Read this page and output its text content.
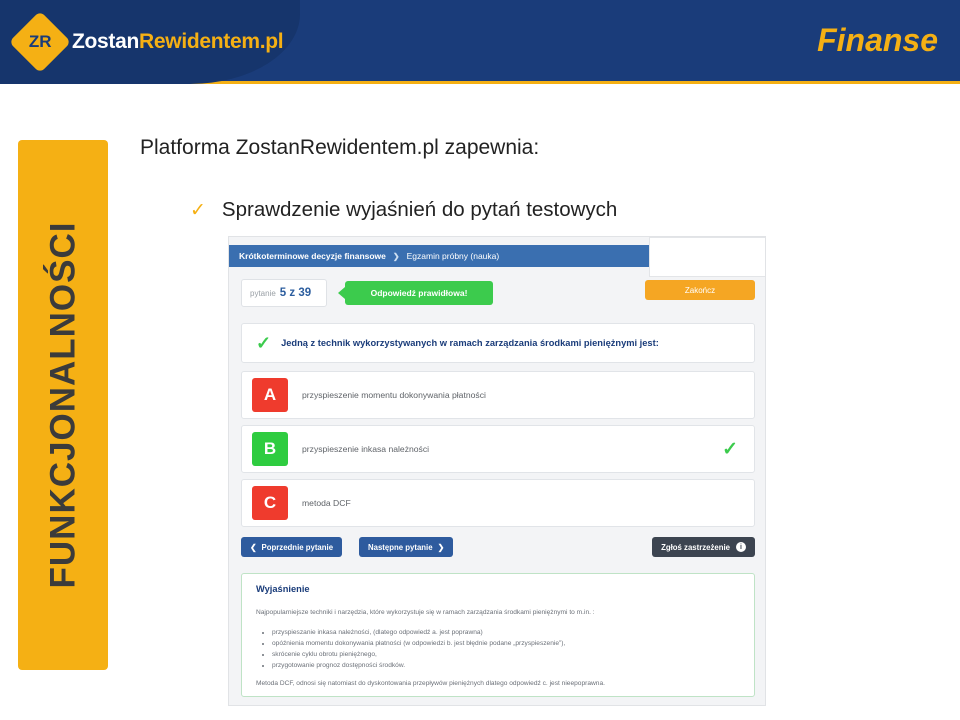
ZR ZostanRewidentem.pl	Finanse
FUNKCJONALNOŚCI
Platforma ZostanRewidentem.pl zapewnia:
✓ Sprawdzenie wyjaśnień do pytań testowych
Krótkoterminowe decyzje finansowe ❯ Egzamin próbny (nauka)
pytanie 5 z 39	Odpowiedź prawidłowa!	Zakończ
✓ Jedną z technik wykorzystywanych w ramach zarządzania środkami pieniężnymi jest:
A	przyspieszenie momentu dokonywania płatności
B	przyspieszenie inkasa należności	✓
C	metoda DCF
❮ Poprzednie pytanie	Następne pytanie ❯	Zgłoś zastrzeżenie	i
Wyjaśnienie
Najpopularniejsze techniki i narzędzia, które wykorzystuje się w ramach zarządzania środkami pieniężnymi to m.in. :
• przyspieszanie inkasa należności, (dlatego odpowiedź a. jest poprawna)
• opóźnienia momentu dokonywania płatności (w odpowiedzi b. jest błędnie podane „przyspieszenie”),
• skrócenie cyklu obrotu pieniężnego,
• przygotowanie prognoz dostępności środków.
Metoda DCF, odnosi się natomiast do dyskontowania przepływów pieniężnych dlatego odpowiedź c. jest nieepoprawna.
